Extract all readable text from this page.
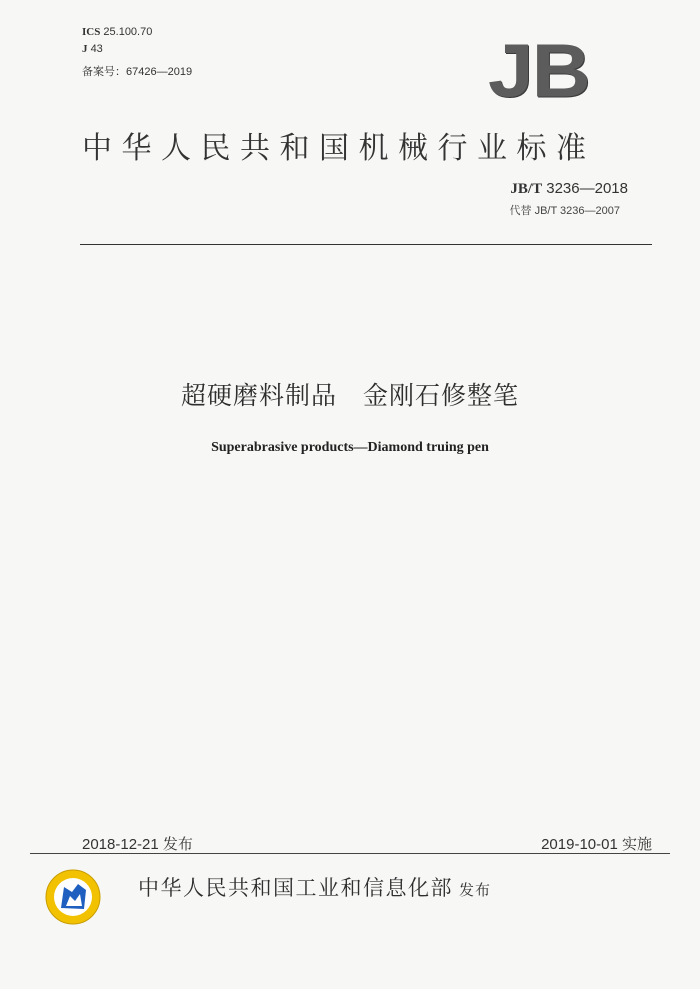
ICS 25.100.70
J 43
备案号：67426—2019	JB
中华人民共和国机械行业标准
JB/T 3236—2018
代替 JB/T 3236—2007
超硬磨料制品　金刚石修整笔
Superabrasive products—Diamond truing pen
2018-12-21 发布	2019-10-01 实施
中华人民共和国工业和信息化部 发布
